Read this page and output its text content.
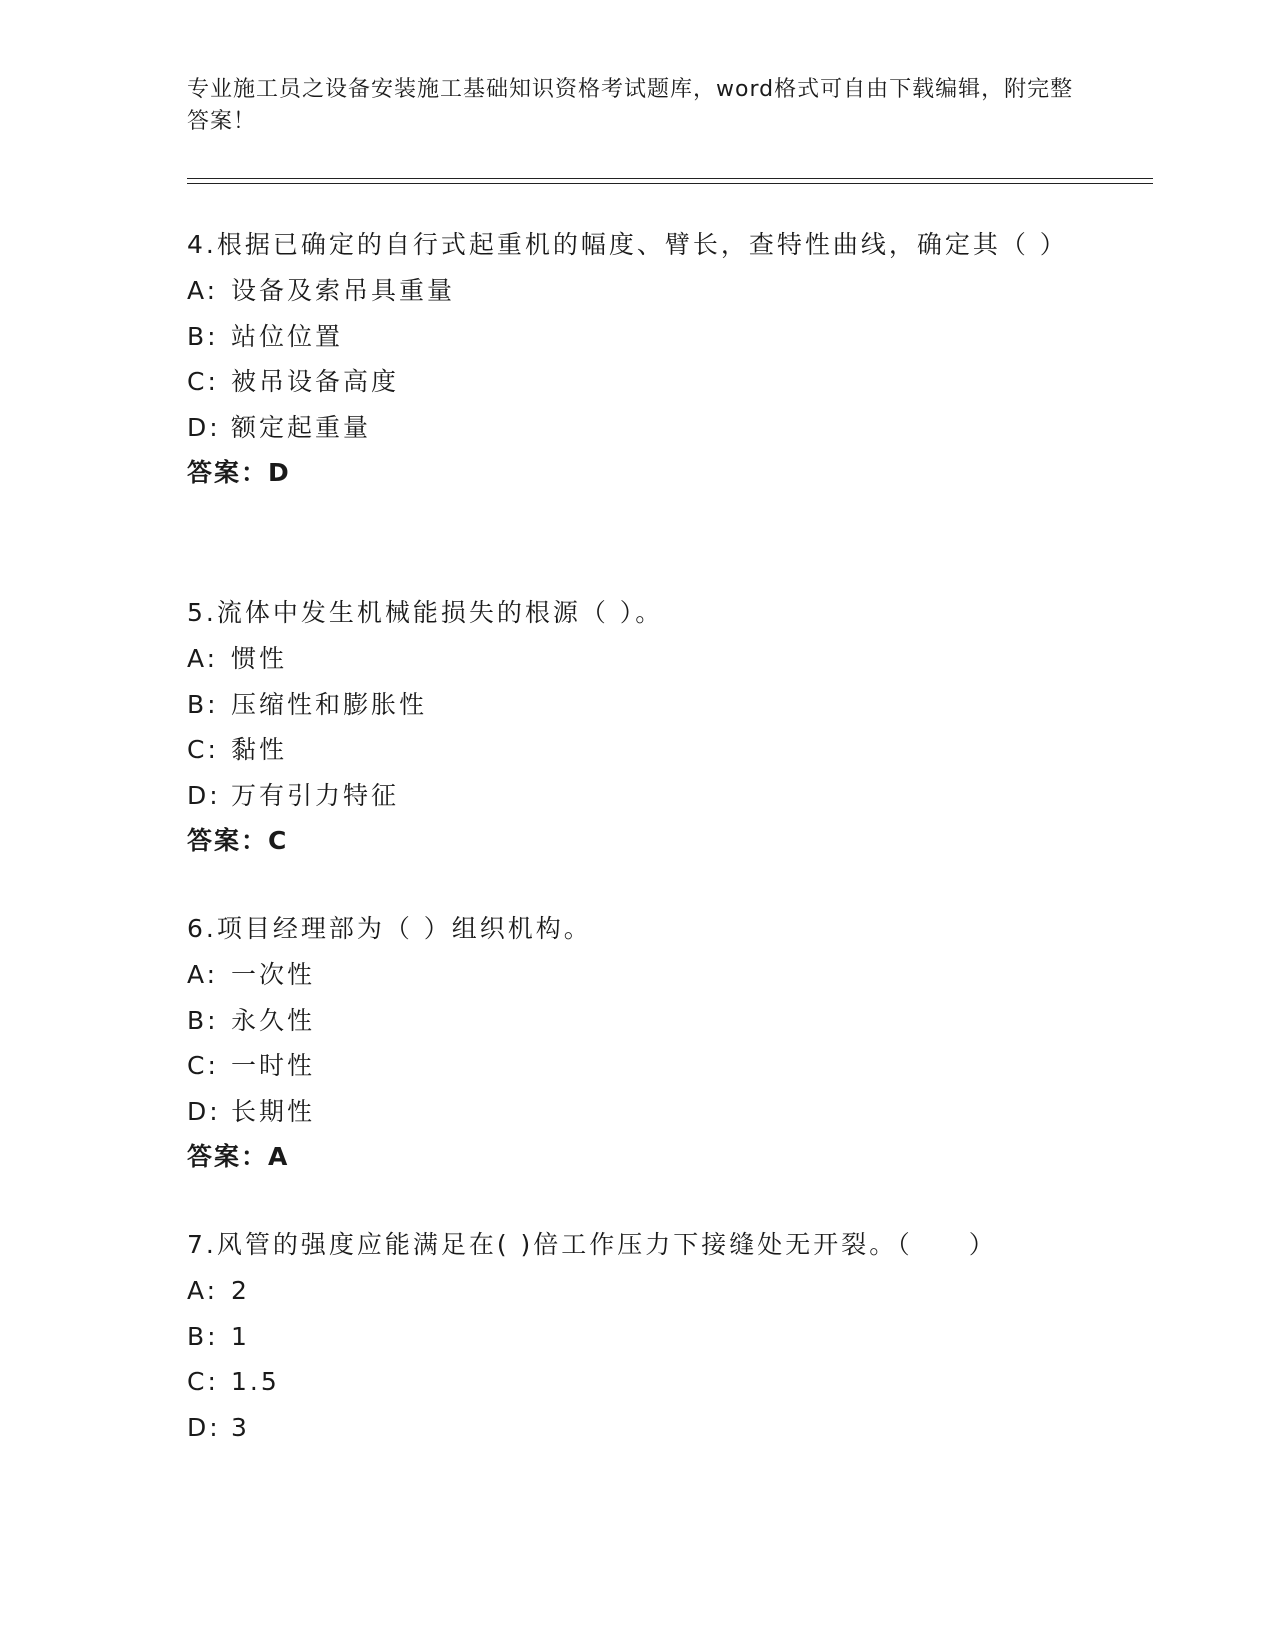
专业施工员之设备安装施工基础知识资格考试题库，word格式可自由下载编辑，附完整答案！
4.根据已确定的自行式起重机的幅度、臂长，查特性曲线，确定其（ ）
A: 设备及索吊具重量
B: 站位位置
C: 被吊设备高度
D: 额定起重量
答案：D
5.流体中发生机械能损失的根源（ ）。
A: 惯性
B: 压缩性和膨胀性
C: 黏性
D: 万有引力特征
答案：C
6.项目经理部为（ ）组织机构。
A: 一次性
B: 永久性
C: 一时性
D: 长期性
答案：A
7.风管的强度应能满足在( )倍工作压力下接缝处无开裂。（　　）
A: 2
B: 1
C: 1.5
D: 3
